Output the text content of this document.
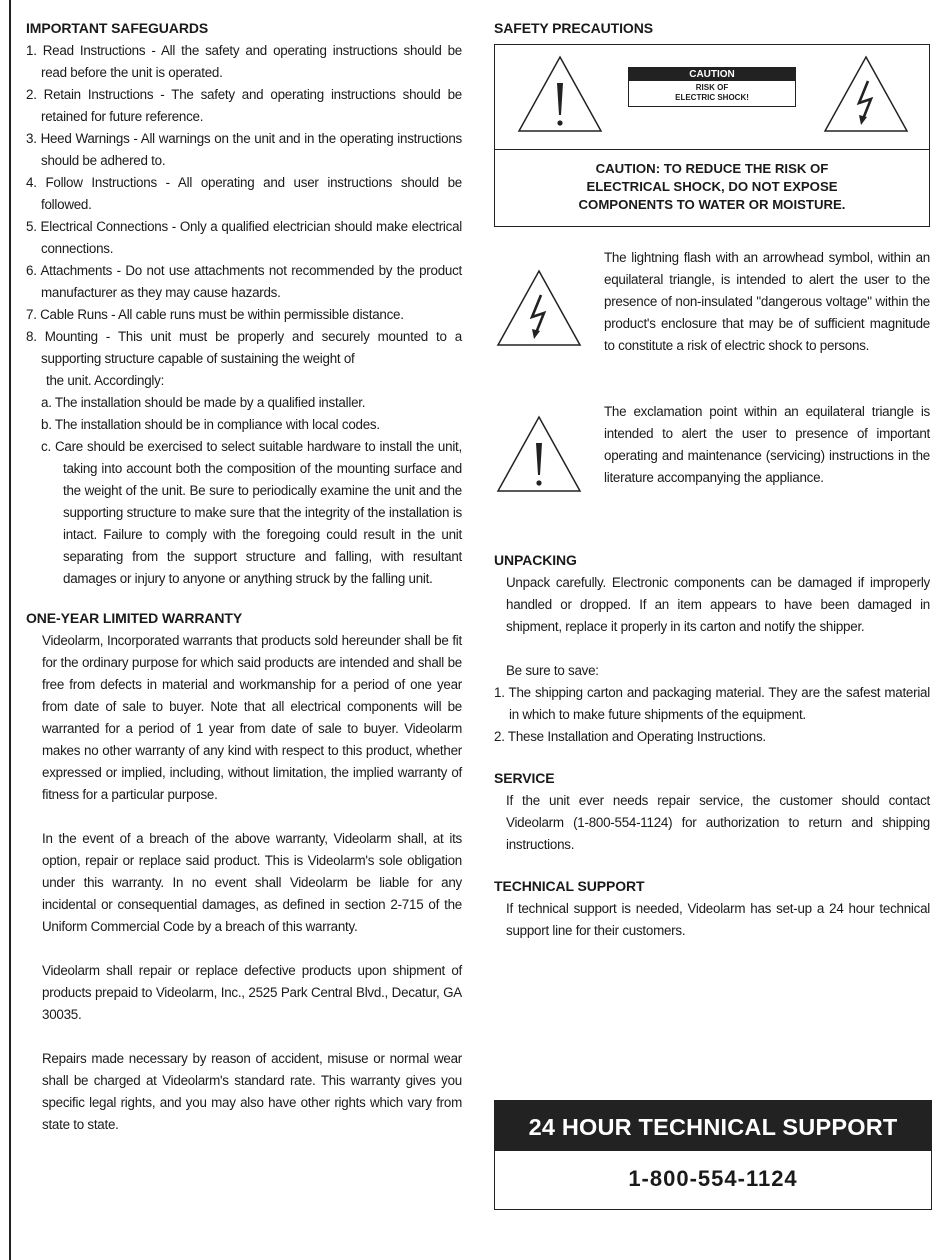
IMPORTANT SAFEGUARDS
1. Read Instructions - All the safety and operating instructions should be read before the unit is operated.
2. Retain Instructions - The safety and operating instructions should be retained for future reference.
3. Heed Warnings - All warnings on the unit and in the operating instructions should be adhered to.
4. Follow Instructions - All operating and user instructions should be followed.
5. Electrical Connections - Only a qualified electrician should make electrical connections.
6. Attachments - Do not use attachments not recommended by the product manufacturer as they may cause hazards.
7. Cable Runs - All cable runs must be within permissible distance.
8. Mounting - This unit must be properly and securely mounted to a supporting structure capable of sustaining the weight of
the unit. Accordingly:
a. The installation should be made by a qualified installer.
b. The installation should be in compliance with local codes.
c. Care should be exercised to select suitable hardware to install the unit, taking into account both the composition of the mounting surface and the weight of the unit. Be sure to periodically examine the unit and the supporting structure to make sure that the integrity of the installation is intact. Failure to comply with the foregoing could result in the unit separating from the support structure and falling, with resultant damages or injury to anyone or anything struck by the falling unit.
ONE-YEAR LIMITED WARRANTY
Videolarm, Incorporated warrants that products sold hereunder shall be fit for the ordinary purpose for which said products are intended and shall be free from defects in material and workmanship for a period of one year from date of sale to buyer. Note that all electrical components will be warranted for a period of 1 year from date of sale to buyer. Videolarm makes no other warranty of any kind with respect to this product, whether expressed or implied, including, without limitation, the implied warranty of fitness for a particular purpose.
In the event of a breach of the above warranty, Videolarm shall, at its option, repair or replace said product. This is Videolarm's sole obligation under this warranty. In no event shall Videolarm be liable for any incidental or consequential damages, as defined in section 2-715 of the Uniform Commercial Code by a breach of this warranty.
Videolarm shall repair or replace defective products upon shipment of products prepaid to Videolarm, Inc., 2525 Park Central Blvd., Decatur, GA 30035.
Repairs made necessary by reason of accident, misuse or normal wear shall be charged at Videolarm's standard rate. This warranty gives you specific legal rights, and you may also have other rights which vary from state to state.
SAFETY PRECAUTIONS
CAUTION
RISK OF
ELECTRIC SHOCK!
CAUTION: TO REDUCE THE RISK OF
ELECTRICAL SHOCK, DO NOT EXPOSE
COMPONENTS TO WATER OR MOISTURE.
The lightning flash with an arrowhead symbol, within an equilateral triangle, is intended to alert the user to the presence of non-insulated "dangerous voltage" within the product's enclosure that may be of sufficient magnitude to constitute a risk of electric shock to persons.
The exclamation point within an equilateral triangle is intended to alert the user to presence of important operating and maintenance (servicing) instructions in the literature accompanying the appliance.
UNPACKING
Unpack carefully. Electronic components can be damaged if improperly handled or dropped. If an item appears to have been damaged in shipment, replace it properly in its carton and notify the shipper.
Be sure to save:
1. The shipping carton and packaging material. They are the safest material in which to make future shipments of the equipment.
2. These Installation and Operating Instructions.
SERVICE
If the unit ever needs repair service, the customer should contact Videolarm (1-800-554-1124) for authorization to return and shipping instructions.
TECHNICAL SUPPORT
If technical support is needed, Videolarm has set-up a 24 hour technical support line for their customers.
24 HOUR TECHNICAL SUPPORT
1-800-554-1124
